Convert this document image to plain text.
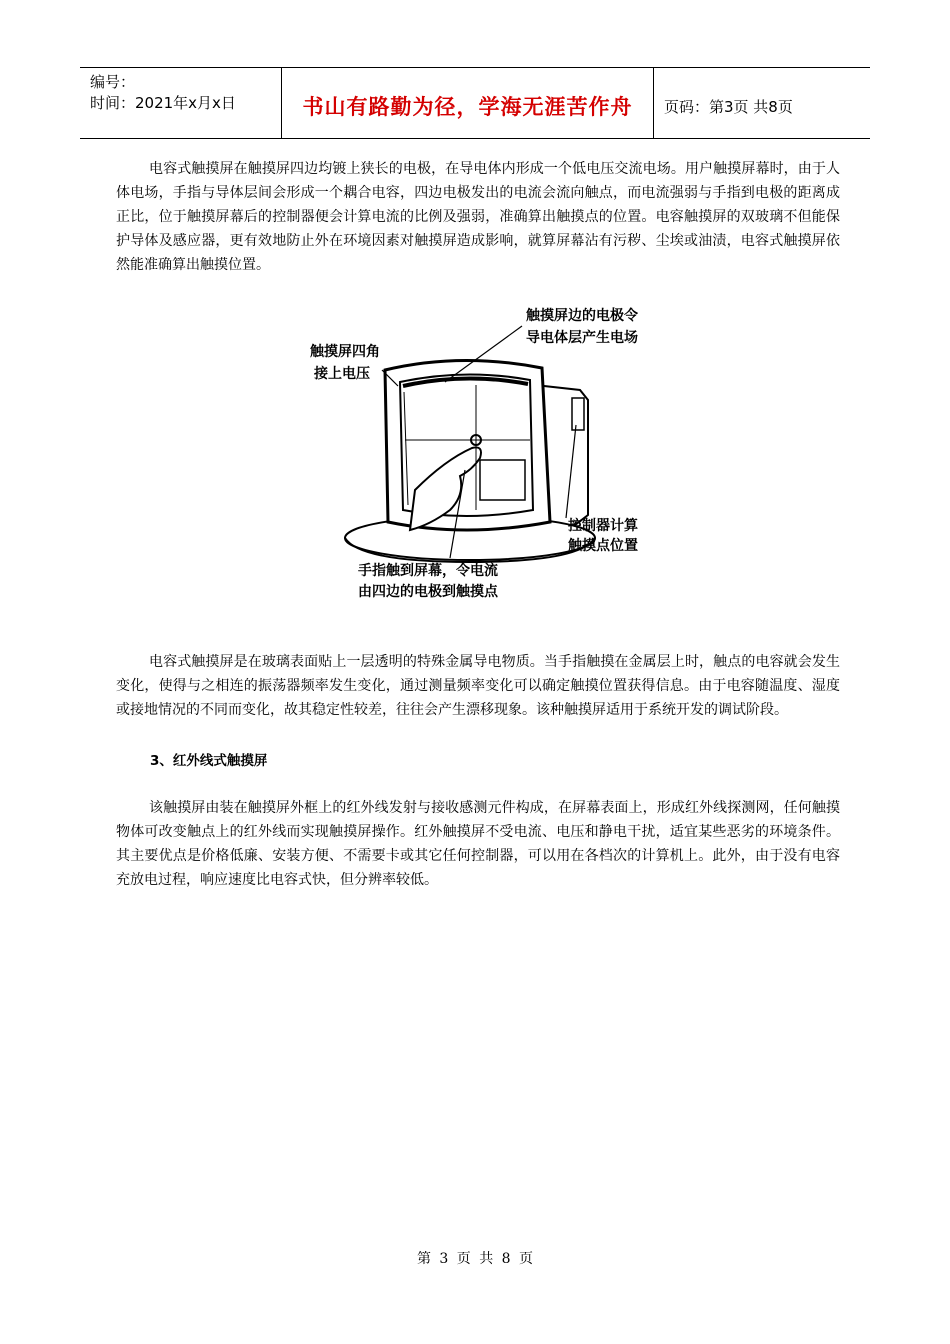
编号：
时间：2021年x月x日	书山有路勤为径，学海无涯苦作舟	页码：第3页 共8页

电容式触摸屏在触摸屏四边均镀上狭长的电极，在导电体内形成一个低电压交流电场。用户触摸屏幕时，由于人体电场，手指与导体层间会形成一个耦合电容，四边电极发出的电流会流向触点，而电流强弱与手指到电极的距离成正比，位于触摸屏幕后的控制器便会计算电流的比例及强弱，准确算出触摸点的位置。电容触摸屏的双玻璃不但能保护导体及感应器，更有效地防止外在环境因素对触摸屏造成影响，就算屏幕沾有污秽、尘埃或油渍，电容式触摸屏依然能准确算出触摸位置。

触摸屏边的电极令
导电体层产生电场
触摸屏四角
接上电压
控制器计算
触摸点位置
手指触到屏幕，令电流
由四边的电极到触摸点

电容式触摸屏是在玻璃表面贴上一层透明的特殊金属导电物质。当手指触摸在金属层上时，触点的电容就会发生变化，使得与之相连的振荡器频率发生变化，通过测量频率变化可以确定触摸位置获得信息。由于电容随温度、湿度或接地情况的不同而变化，故其稳定性较差，往往会产生漂移现象。该种触摸屏适用于系统开发的调试阶段。

3、红外线式触摸屏

该触摸屏由装在触摸屏外框上的红外线发射与接收感测元件构成，在屏幕表面上，形成红外线探测网，任何触摸物体可改变触点上的红外线而实现触摸屏操作。红外触摸屏不受电流、电压和静电干扰，适宜某些恶劣的环境条件。其主要优点是价格低廉、安装方便、不需要卡或其它任何控制器，可以用在各档次的计算机上。此外，由于没有电容充放电过程，响应速度比电容式快，但分辨率较低。

第 3 页 共 8 页
